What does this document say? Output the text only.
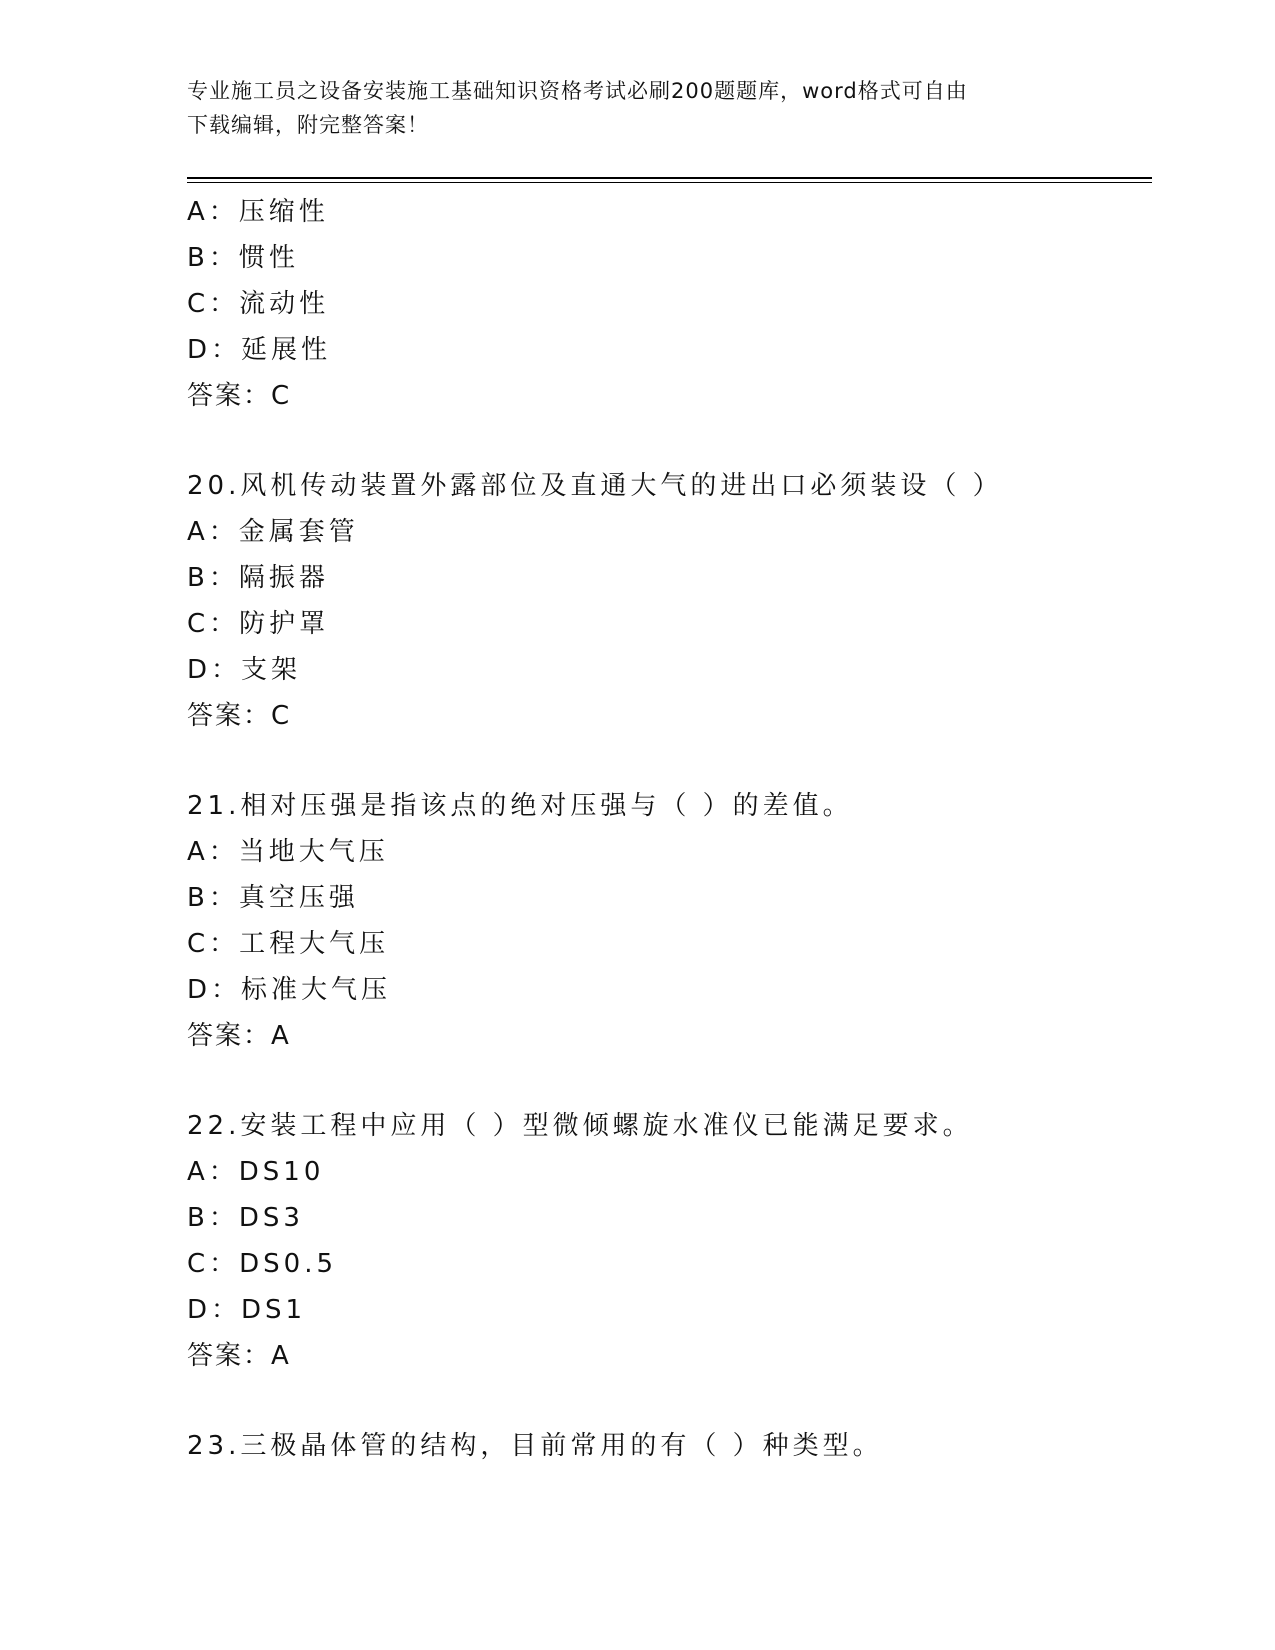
专业施工员之设备安装施工基础知识资格考试必刷200题题库，word格式可自由
下载编辑，附完整答案！
A：压缩性
B：惯性
C：流动性
D：延展性
答案：C
20.风机传动装置外露部位及直通大气的进出口必须装设（ ）
A：金属套管
B：隔振器
C：防护罩
D：支架
答案：C
21.相对压强是指该点的绝对压强与（ ）的差值。
A：当地大气压
B：真空压强
C：工程大气压
D：标准大气压
答案：A
22.安装工程中应用（ ）型微倾螺旋水准仪已能满足要求。
A：DS10
B：DS3
C：DS0.5
D：DS1
答案：A
23.三极晶体管的结构，目前常用的有（ ）种类型。
